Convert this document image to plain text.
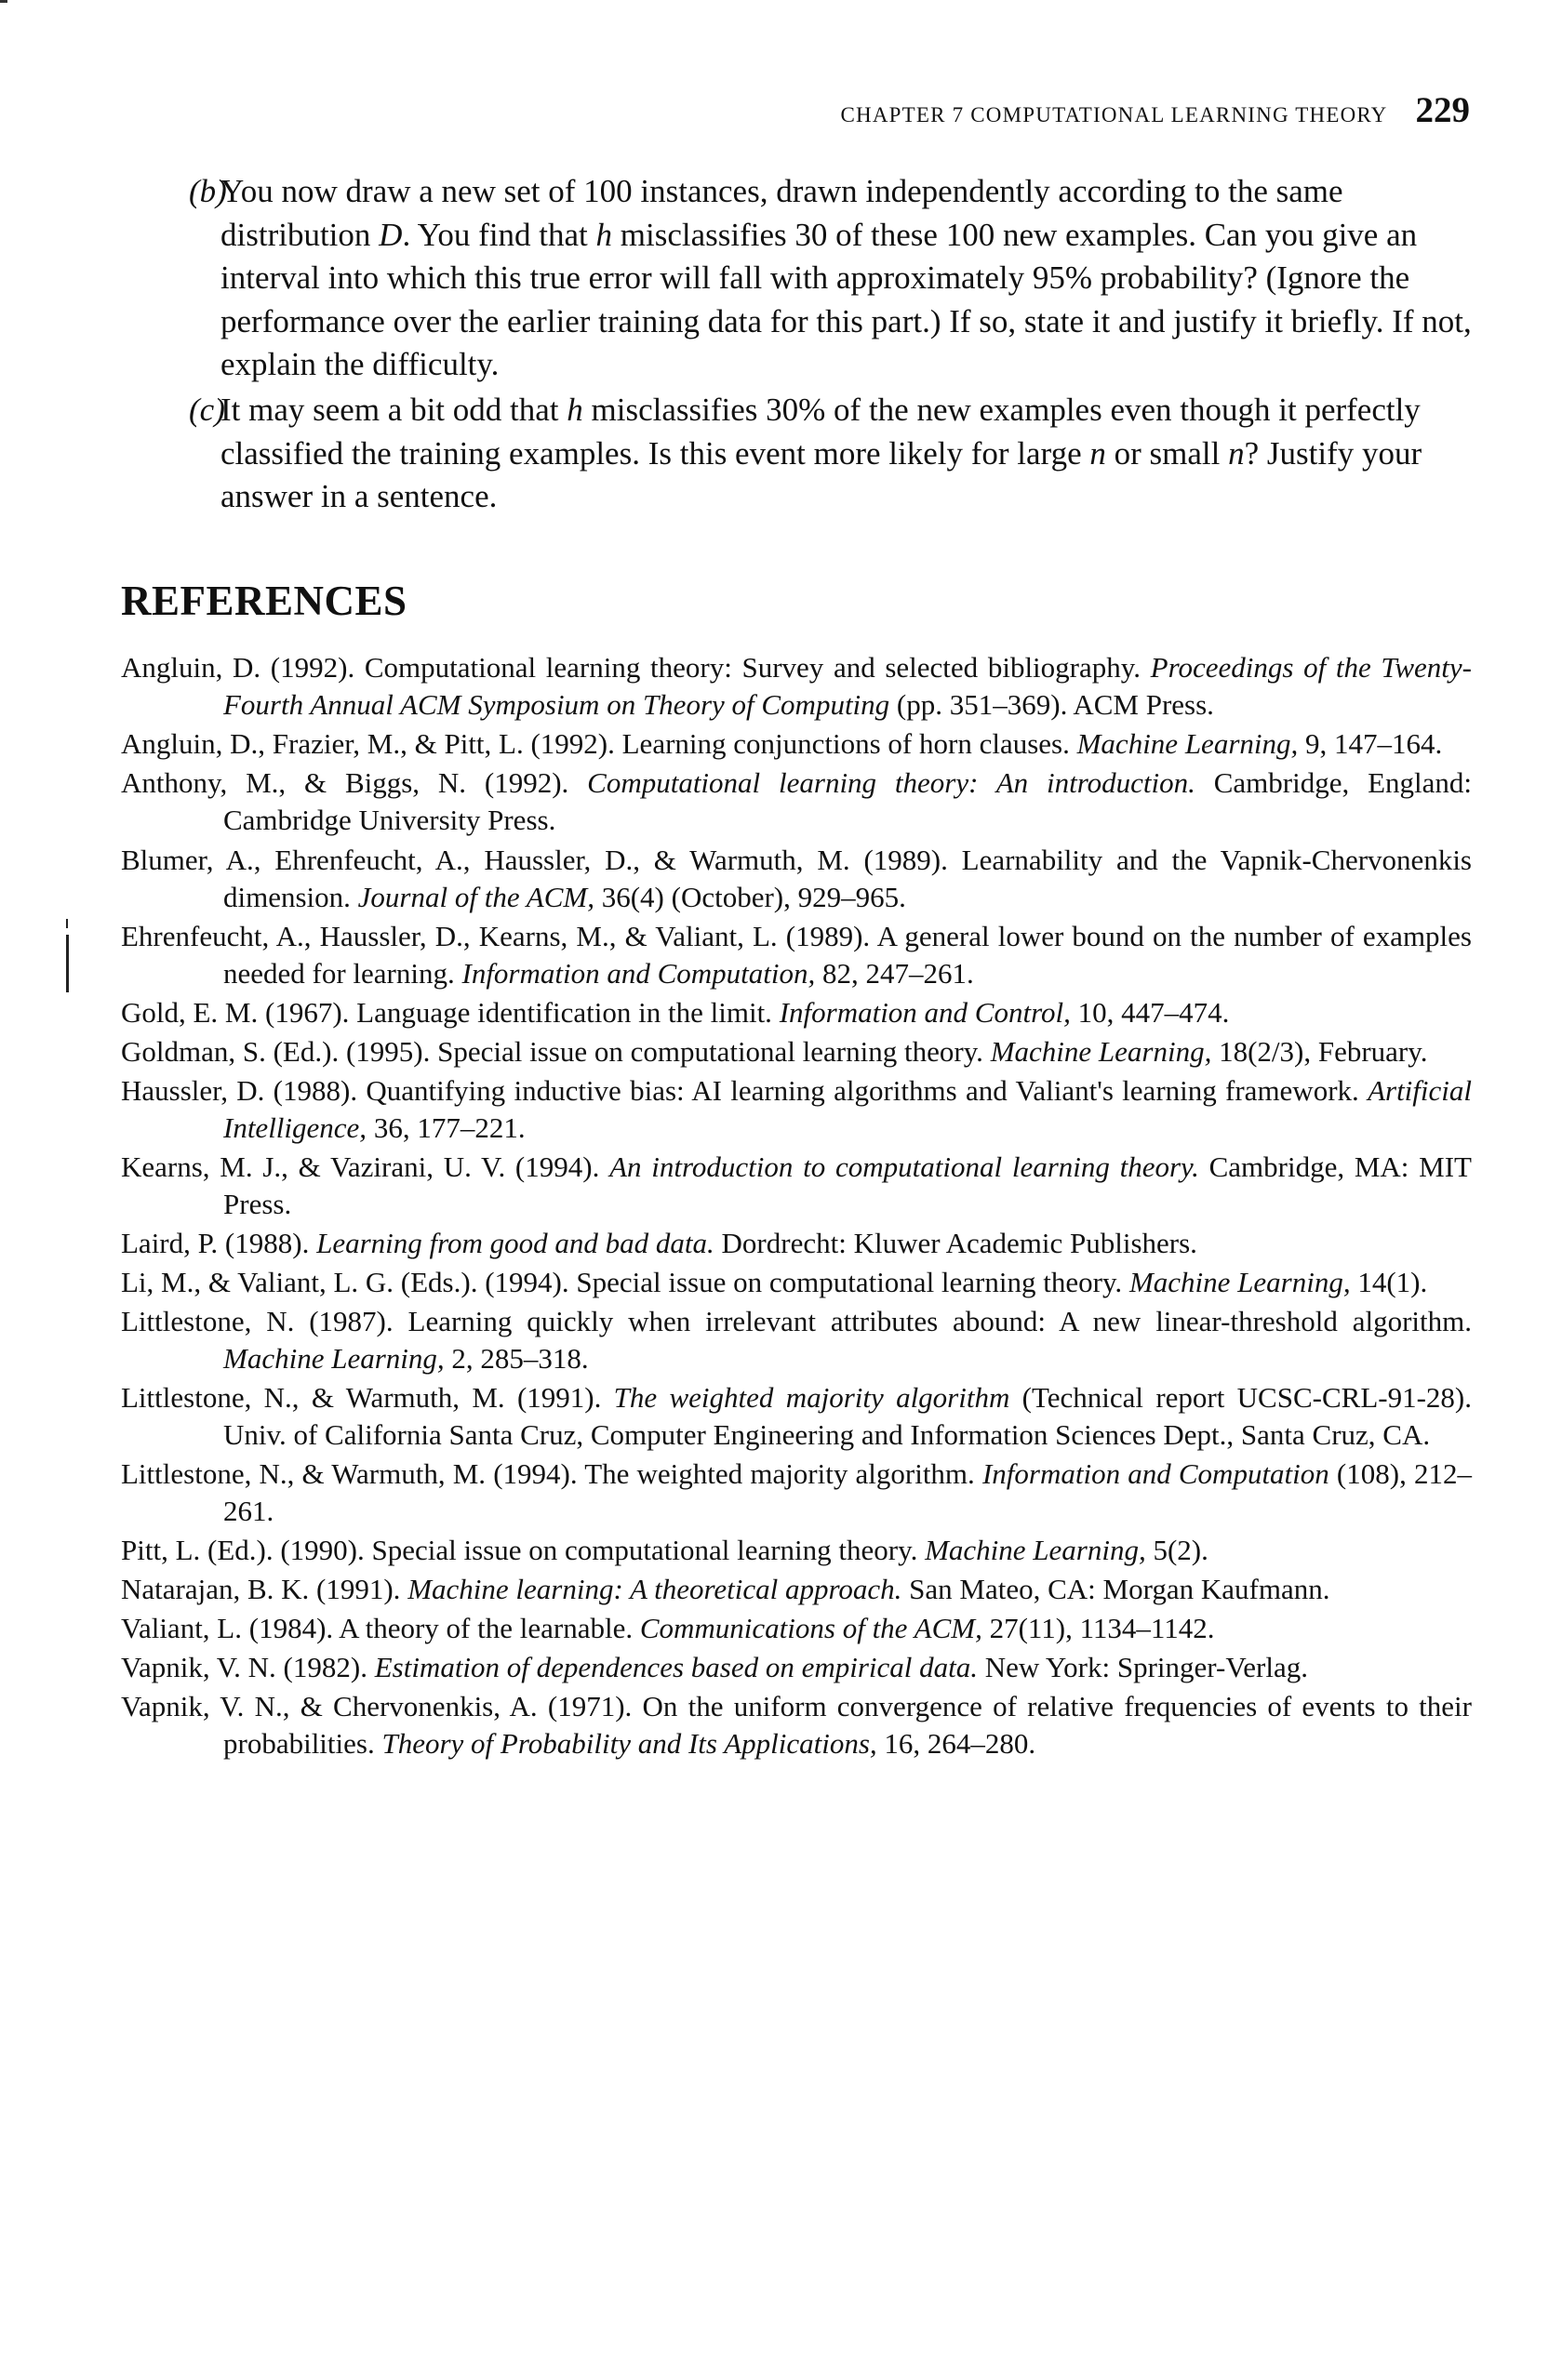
CHAPTER 7 COMPUTATIONAL LEARNING THEORY 229
(b)
You now draw a new set of 100 instances, drawn independently according to the same distribution D. You find that h misclassifies 30 of these 100 new examples. Can you give an interval into which this true error will fall with approximately 95% probability? (Ignore the performance over the earlier training data for this part.) If so, state it and justify it briefly. If not, explain the difficulty.
(c)
It may seem a bit odd that h misclassifies 30% of the new examples even though it perfectly classified the training examples. Is this event more likely for large n or small n? Justify your answer in a sentence.
REFERENCES

Angluin, D. (1992). Computational learning theory: Survey and selected bibliography. Proceedings of the Twenty-Fourth Annual ACM Symposium on Theory of Computing (pp. 351–369). ACM Press.

Angluin, D., Frazier, M., & Pitt, L. (1992). Learning conjunctions of horn clauses. Machine Learning, 9, 147–164.

Anthony, M., & Biggs, N. (1992). Computational learning theory: An introduction. Cambridge, England: Cambridge University Press.

Blumer, A., Ehrenfeucht, A., Haussler, D., & Warmuth, M. (1989). Learnability and the Vapnik-Chervonenkis dimension. Journal of the ACM, 36(4) (October), 929–965.

Ehrenfeucht, A., Haussler, D., Kearns, M., & Valiant, L. (1989). A general lower bound on the number of examples needed for learning. Information and Computation, 82, 247–261.

Gold, E. M. (1967). Language identification in the limit. Information and Control, 10, 447–474.

Goldman, S. (Ed.). (1995). Special issue on computational learning theory. Machine Learning, 18(2/3), February.

Haussler, D. (1988). Quantifying inductive bias: AI learning algorithms and Valiant's learning framework. Artificial Intelligence, 36, 177–221.

Kearns, M. J., & Vazirani, U. V. (1994). An introduction to computational learning theory. Cambridge, MA: MIT Press.

Laird, P. (1988). Learning from good and bad data. Dordrecht: Kluwer Academic Publishers.

Li, M., & Valiant, L. G. (Eds.). (1994). Special issue on computational learning theory. Machine Learning, 14(1).

Littlestone, N. (1987). Learning quickly when irrelevant attributes abound: A new linear-threshold algorithm. Machine Learning, 2, 285–318.

Littlestone, N., & Warmuth, M. (1991). The weighted majority algorithm (Technical report UCSC-CRL-91-28). Univ. of California Santa Cruz, Computer Engineering and Information Sciences Dept., Santa Cruz, CA.

Littlestone, N., & Warmuth, M. (1994). The weighted majority algorithm. Information and Computation (108), 212–261.

Pitt, L. (Ed.). (1990). Special issue on computational learning theory. Machine Learning, 5(2).

Natarajan, B. K. (1991). Machine learning: A theoretical approach. San Mateo, CA: Morgan Kaufmann.

Valiant, L. (1984). A theory of the learnable. Communications of the ACM, 27(11), 1134–1142.

Vapnik, V. N. (1982). Estimation of dependences based on empirical data. New York: Springer-Verlag.

Vapnik, V. N., & Chervonenkis, A. (1971). On the uniform convergence of relative frequencies of events to their probabilities. Theory of Probability and Its Applications, 16, 264–280.
